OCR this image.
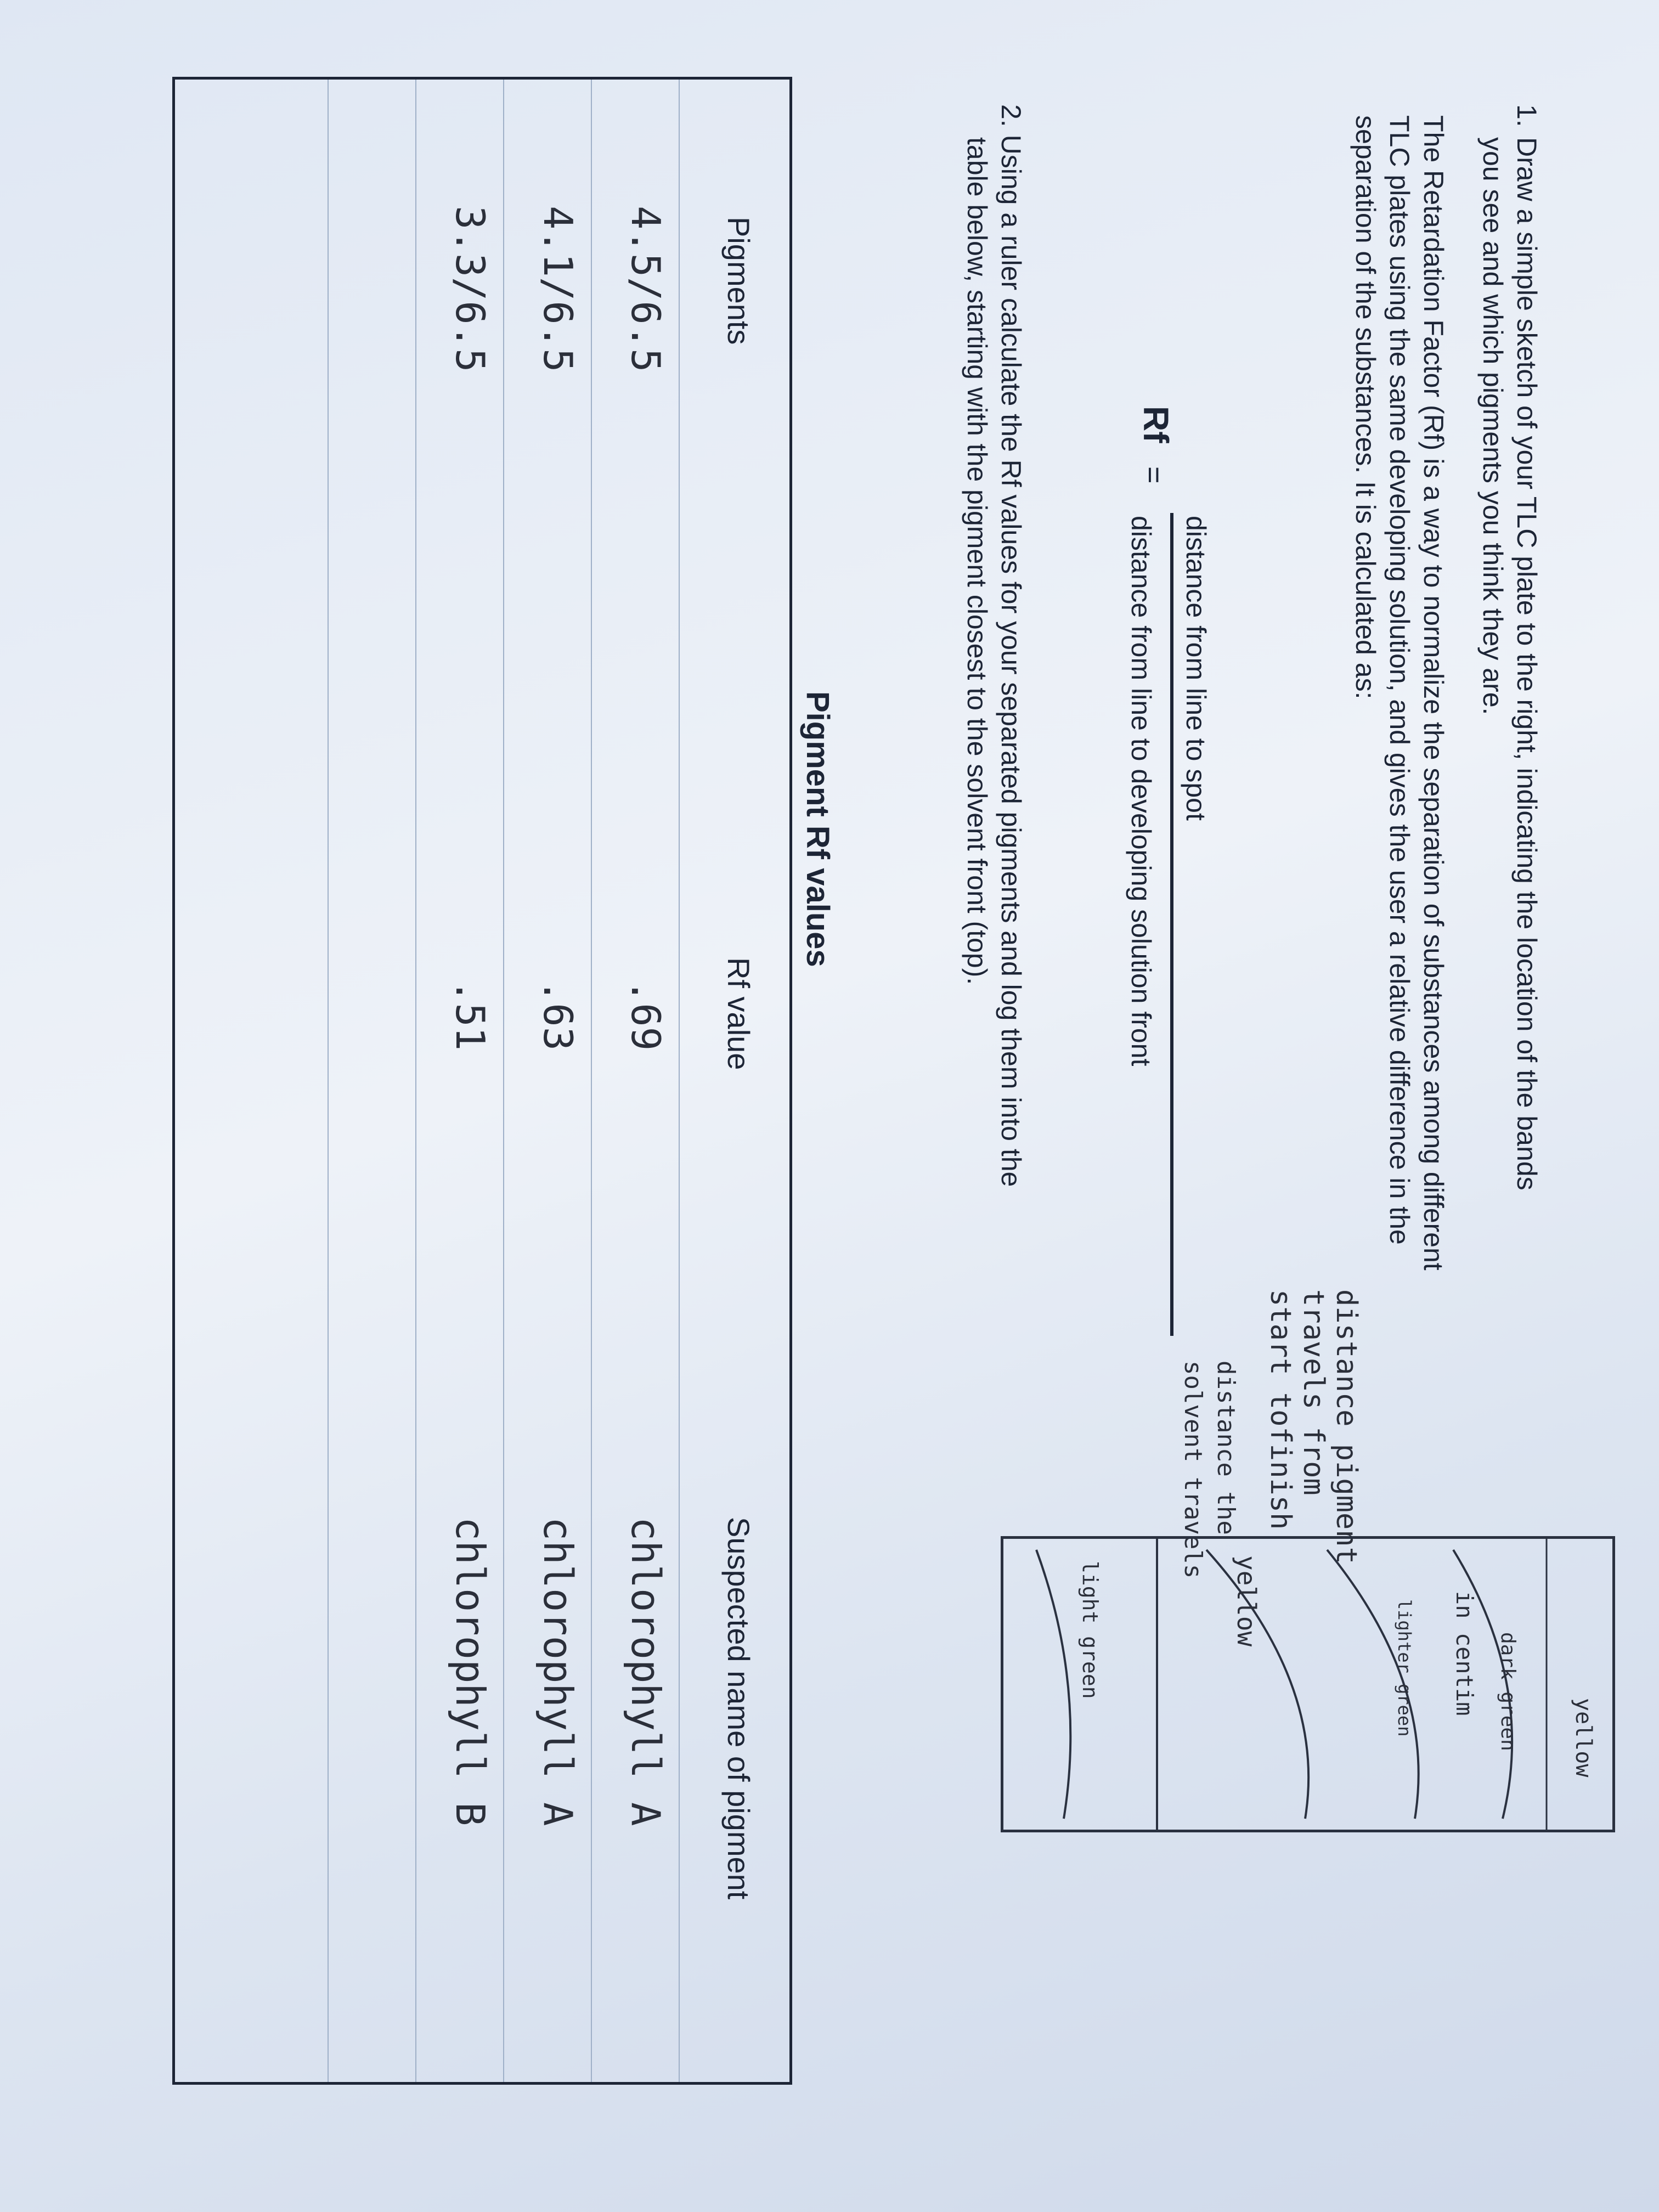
1.Draw a simple sketch of your TLC plate to the right, indicating the location of the bands
you see and which pigments you think they are.
The Retardation Factor (Rf) is a way to normalize the separation of substances among different
TLC plates using the same developing solution, and gives the user a relative difference in the
separation of the substances. It is calculated as:
Rf
=
distance from line to spot
distance from line to developing solution front
in centim
distance pigment
travels from
start tofinish
distance the
solvent travels
yellow
dark green
lighter green
yellow
light green
2. Using a ruler calculate the Rf values for your separated pigments and log them into the
table below, starting with the pigment closest to the solvent front (top).
Pigment Rf values
Pigments
Rf value
Suspected name of pigment
4.5/6.5
.69
chlorophyll A
4.1/6.5
.63
chlorophyll A
3.3/6.5
.51
chlorophyll B
